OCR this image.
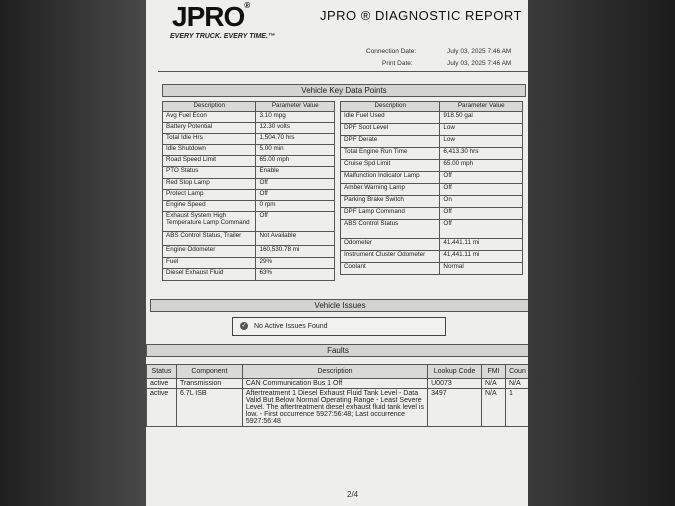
JPRO®
EVERY TRUCK. EVERY TIME.™
JPRO ® DIAGNOSTIC REPORT
Connection Date:	July 03, 2025 7:46 AM
Print Date:	July 03, 2025 7:46 AM
Vehicle Key Data Points
Description	Parameter Value
Avg Fuel Econ	3.10 mpg
Battery Potential	12.30 volts
Total Idle Hrs	1,504.70 hrs
Idle Shutdown	5.00 min
Road Speed Limit	65.00 mph
PTO Status	Enable
Red Stop Lamp	Off
Protect Lamp	Off
Engine Speed	0 rpm
Exhaust System High Temperature Lamp Command	Off
ABS Control Status, Trailer	Not Available
Engine Odometer	160,530.78 mi
Fuel	29%
Diesel Exhaust Fluid	63%
Description	Parameter Value
Idle Fuel Used	918.50 gal
DPF Soot Level	Low
DPF Derate	Low
Total Engine Run Time	6,413.30 hrs
Cruise Spd Limit	65.00 mph
Malfunction Indicator Lamp	Off
Amber Warning Lamp	Off
Parking Brake Switch	On
DPF Lamp Command	Off
ABS Control Status	Off
Odometer	41,441.11 mi
Instrument Cluster Odometer	41,441.11 mi
Coolant	Normal
Vehicle Issues
✓ No Active Issues Found
Faults
Status	Component	Description	Lookup Code	FMI	Coun
active	Transmission	CAN Communication Bus 1 Off	U0073	N/A	N/A
active	6.7L ISB	Aftertreatment 1 Diesel Exhaust Fluid Tank Level - Data Valid But Below Normal Operating Range - Least Severe Level. The aftertreatment diesel exhaust fluid tank level is low. - First occurrence 5927:56:48; Last occurrence 5927:56:48	3497	N/A	1
2/4
